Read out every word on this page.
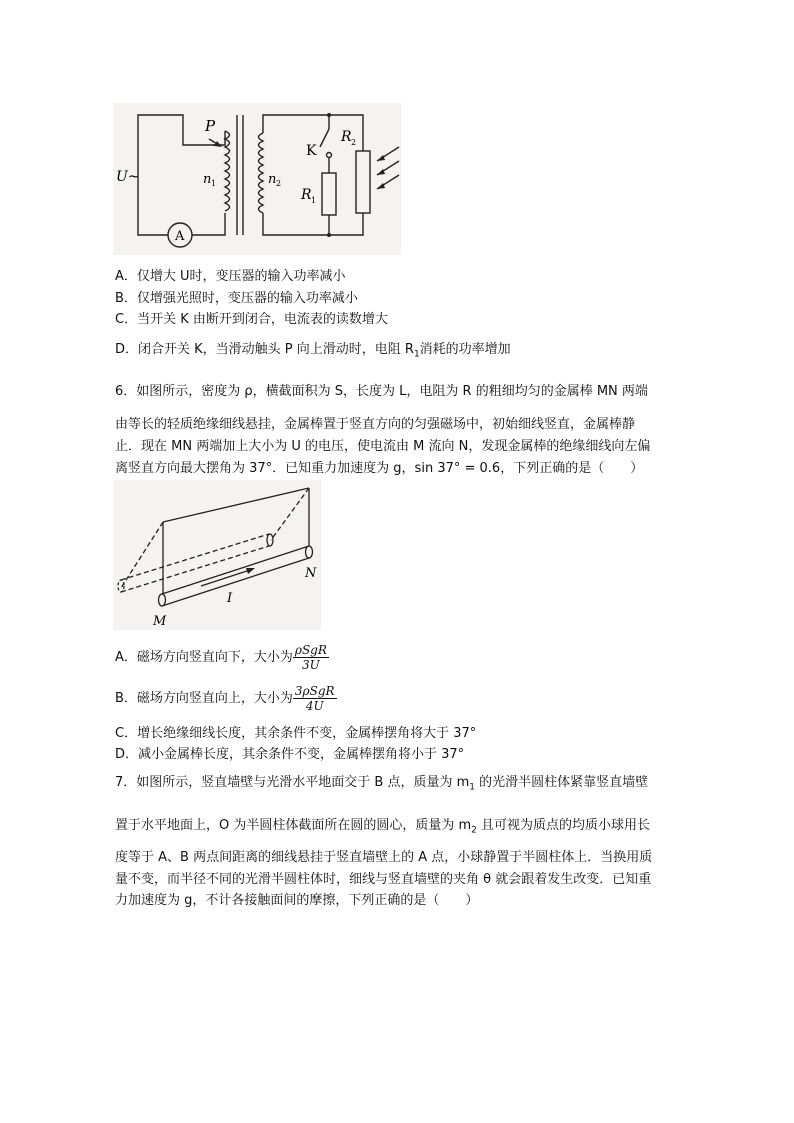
U~
P
n 1	n 2
K
R 1
R 2
A
A．仅增大 U时，变压器的输入功率减小
B．仅增强光照时，变压器的输入功率减小
C．当开关 K 由断开到闭合，电流表的读数增大
D．闭合开关 K，当滑动触头 P 向上滑动时，电阻 $R_1$消耗的功率增加
6．如图所示，密度为 ρ，横截面积为 S，长度为 L，电阻为 R 的粗细均匀的金属棒 MN 两端
由等长的轻质绝缘细线悬挂，金属棒置于竖直方向的匀强磁场中，初始细线竖直，金属棒静
止．现在 MN 两端加上大小为 U 的电压，使电流由 M 流向 N，发现金属棒的绝缘细线向左偏
离竖直方向最大摆角为 37°．已知重力加速度为 g，sin 37° = 0.6，下列正确的是（　　）
M
N
I
A．磁场方向竖直向下，大小为 $\frac{\text{ρSgR}}{3U}$
B．磁场方向竖直向上，大小为 $\frac{\text{3ρSgR}}{4U}$
C．增长绝缘细线长度，其余条件不变，金属棒摆角将大于 37°
D．减小金属棒长度，其余条件不变，金属棒摆角将小于 37°
7．如图所示，竖直墙壁与光滑水平地面交于 B 点，质量为 $m_1$ 的光滑半圆柱体紧靠竖直墙壁
置于水平地面上，O 为半圆柱体截面所在圆的圆心，质量为 $m_2$ 且可视为质点的均质小球用长
度等于 A、B 两点间距离的细线悬挂于竖直墙壁上的 A 点，小球静置于半圆柱体上．当换用质
量不变，而半径不同的光滑半圆柱体时，细线与竖直墙壁的夹角 θ 就会跟着发生改变．已知重
力加速度为 g，不计各接触面间的摩擦，下列正确的是（　　）
